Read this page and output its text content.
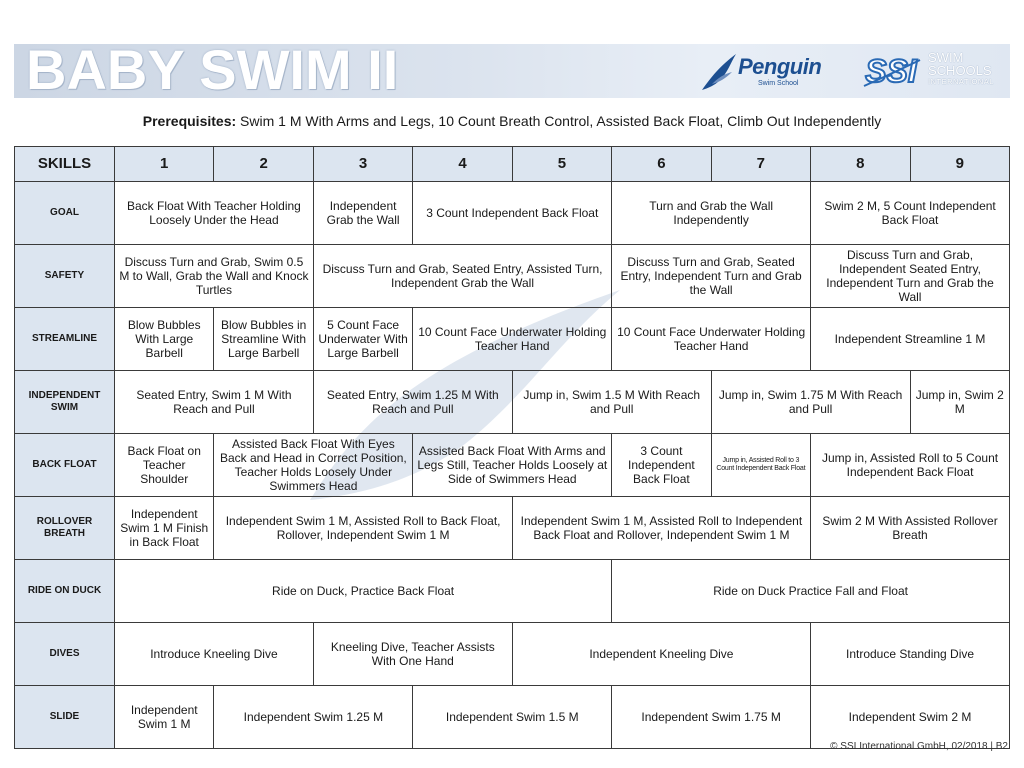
BABY SWIM II	Penguin
Swim School SSI SWIM
SCHOOLS
INTERNATIONAL
Prerequisites: Swim 1 M With Arms and Legs, 10 Count Breath Control, Assisted Back Float, Climb Out Independently
SKILLS	1	2	3	4	5	6	7	8	9
GOAL	Back Float With Teacher Holding Loosely Under the Head		Independent Grab the Wall	3 Count Independent Back Float		Turn and Grab the Wall Independently		Swim 2 M, 5 Count Independent Back Float	
SAFETY	Discuss Turn and Grab, Swim 0.5 M to Wall, Grab the Wall and Knock Turtles		Discuss Turn and Grab, Seated Entry, Assisted Turn, Independent Grab the Wall			Discuss Turn and Grab, Seated Entry, Independent Turn and Grab the Wall		Discuss Turn and Grab, Independent Seated Entry, Independent Turn and Grab the Wall	
STREAMLINE	Blow Bubbles With Large Barbell	Blow Bubbles in Streamline With Large Barbell	5 Count Face Underwater With Large Barbell	10 Count Face Underwater Holding Teacher Hand		10 Count Face Underwater Holding Teacher Hand		Independent Streamline 1 M	
INDEPENDENT SWIM	Seated Entry, Swim 1 M With Reach and Pull		Seated Entry, Swim 1.25 M With Reach and Pull		Jump in, Swim 1.5 M With Reach and Pull		Jump in, Swim 1.75 M With Reach and Pull		Jump in, Swim 2 M
BACK FLOAT	Back Float on Teacher Shoulder	Assisted Back Float With Eyes Back and Head in Correct Position, Teacher Holds Loosely Under Swimmers Head		Assisted Back Float With Arms and Legs Still, Teacher Holds Loosely at Side of Swimmers Head		3 Count Independent Back Float	Jump in, Assisted Roll to 3 Count Independent Back Float	Jump in, Assisted Roll to 5 Count Independent Back Float	
ROLLOVER BREATH	Independent Swim 1 M Finish in Back Float	Independent Swim 1 M, Assisted Roll to Back Float, Rollover, Independent Swim 1 M			Independent Swim 1 M, Assisted Roll to Independent Back Float and Rollover, Independent Swim 1 M			Swim 2 M With Assisted Rollover Breath	
RIDE ON DUCK	Ride on Duck, Practice Back Float					Ride on Duck Practice Fall and Float			
DIVES	Introduce Kneeling Dive		Kneeling Dive, Teacher Assists With One Hand		Independent Kneeling Dive			Introduce Standing Dive	
SLIDE	Independent Swim 1 M	Independent Swim 1.25 M		Independent Swim 1.5 M		Independent Swim 1.75 M		Independent Swim 2 M	
© SSI International GmbH, 02/2018 | B2
